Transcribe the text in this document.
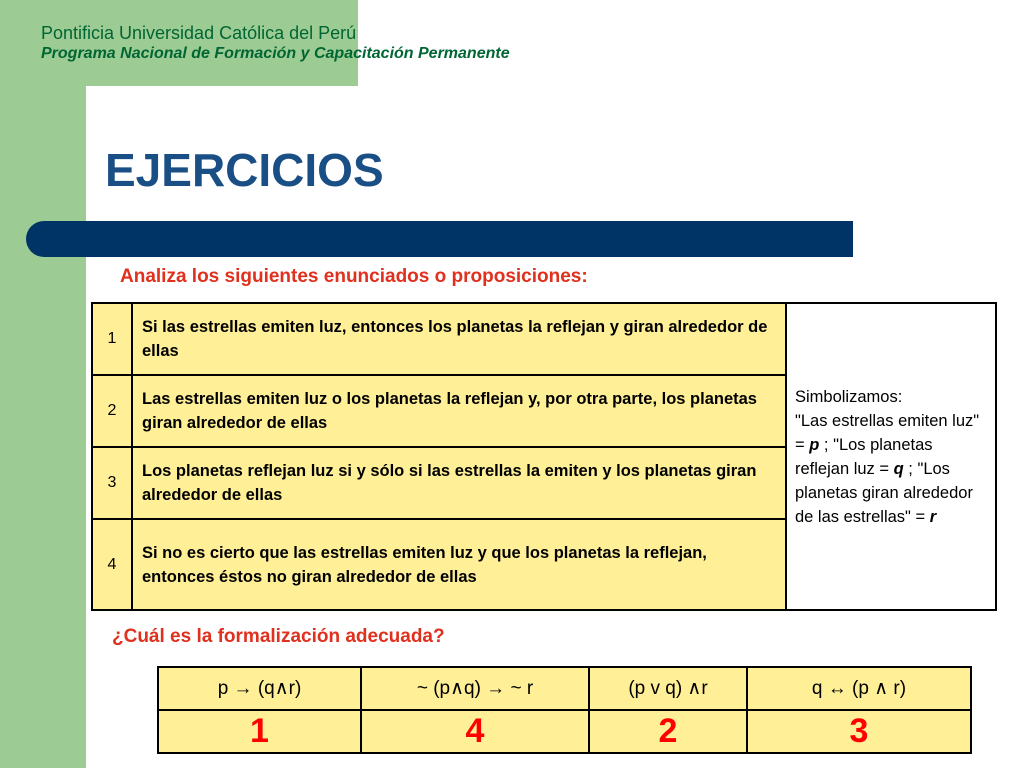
Pontificia Universidad Católica del Perú
Programa Nacional de Formación y Capacitación Permanente
EJERCICIOS
Analiza los siguientes enunciados o proposiciones:
1	Si las estrellas emiten luz, entonces los planetas la reflejan y giran alrededor de ellas	Simbolizamos:
"Las estrellas emiten luz" = p ; "Los planetas reflejan luz = q ; "Los planetas giran alrededor de las estrellas" = r
2	Las estrellas emiten luz o los planetas la reflejan y, por otra parte, los planetas giran alrededor de ellas	
3	Los planetas reflejan luz si y sólo si las estrellas la emiten y los planetas giran alrededor de ellas	
4	Si no es cierto que las estrellas emiten luz y que los planetas la reflejan, entonces éstos no giran alrededor de ellas	
¿Cuál es la formalización adecuada?
p → (q∧r)	~ (p∧q) → ~ r	(p v q) ∧r	q ↔ (p ∧ r)
1	4	2	3
